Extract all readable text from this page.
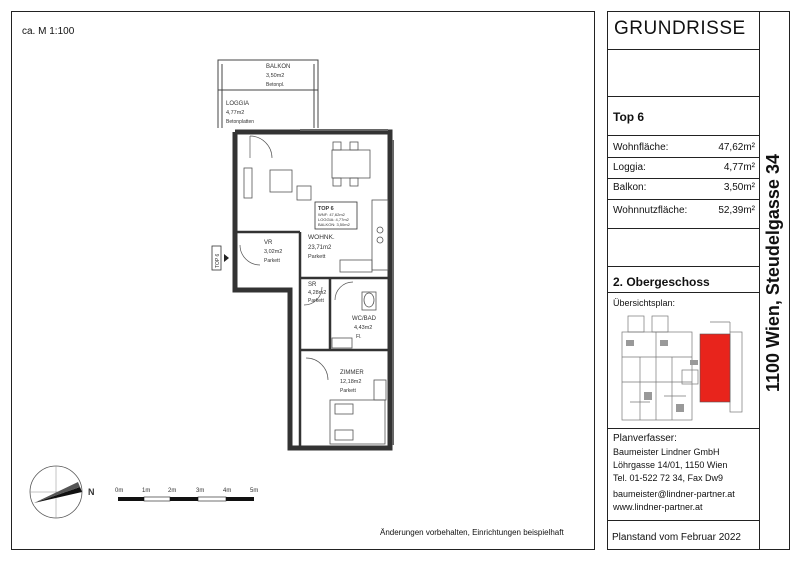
ca. M 1:100
Änderungen vorbehalten, Einrichtungen beispielhaft
GRUNDRISSE
Top 6
Wohnfläche:	47,62m²
Loggia:	4,77m²
Balkon:	3,50m²
Wohnnutzfläche:	52,39m²
2. Obergeschoss
Übersichtsplan:
Planverfasser:
Baumeister Lindner GmbH
Löhrgasse 14/01, 1150 Wien
Tel. 01-522 72 34, Fax Dw9
baumeister@lindner-partner.at
www.lindner-partner.at
Planstand vom Februar 2022
1100 Wien, Steudelgasse 34
TOP 6
WNF: 47,62m2
LOGGIA: 4,77m2
BALKON: 3,50m2
BALKON
3,50m2
Betonpl.
LOGGIA
4,77m2
Betonplatten
WOHNK.
23,71m2
Parkett
VR
3,02m2
Parkett
SR
4,28m2
Parkett
WC/BAD
4,43m2
Fl.
ZIMMER
12,18m2
Parkett
TOP 6
N	0m	1m	2m	3m	4m	5m
